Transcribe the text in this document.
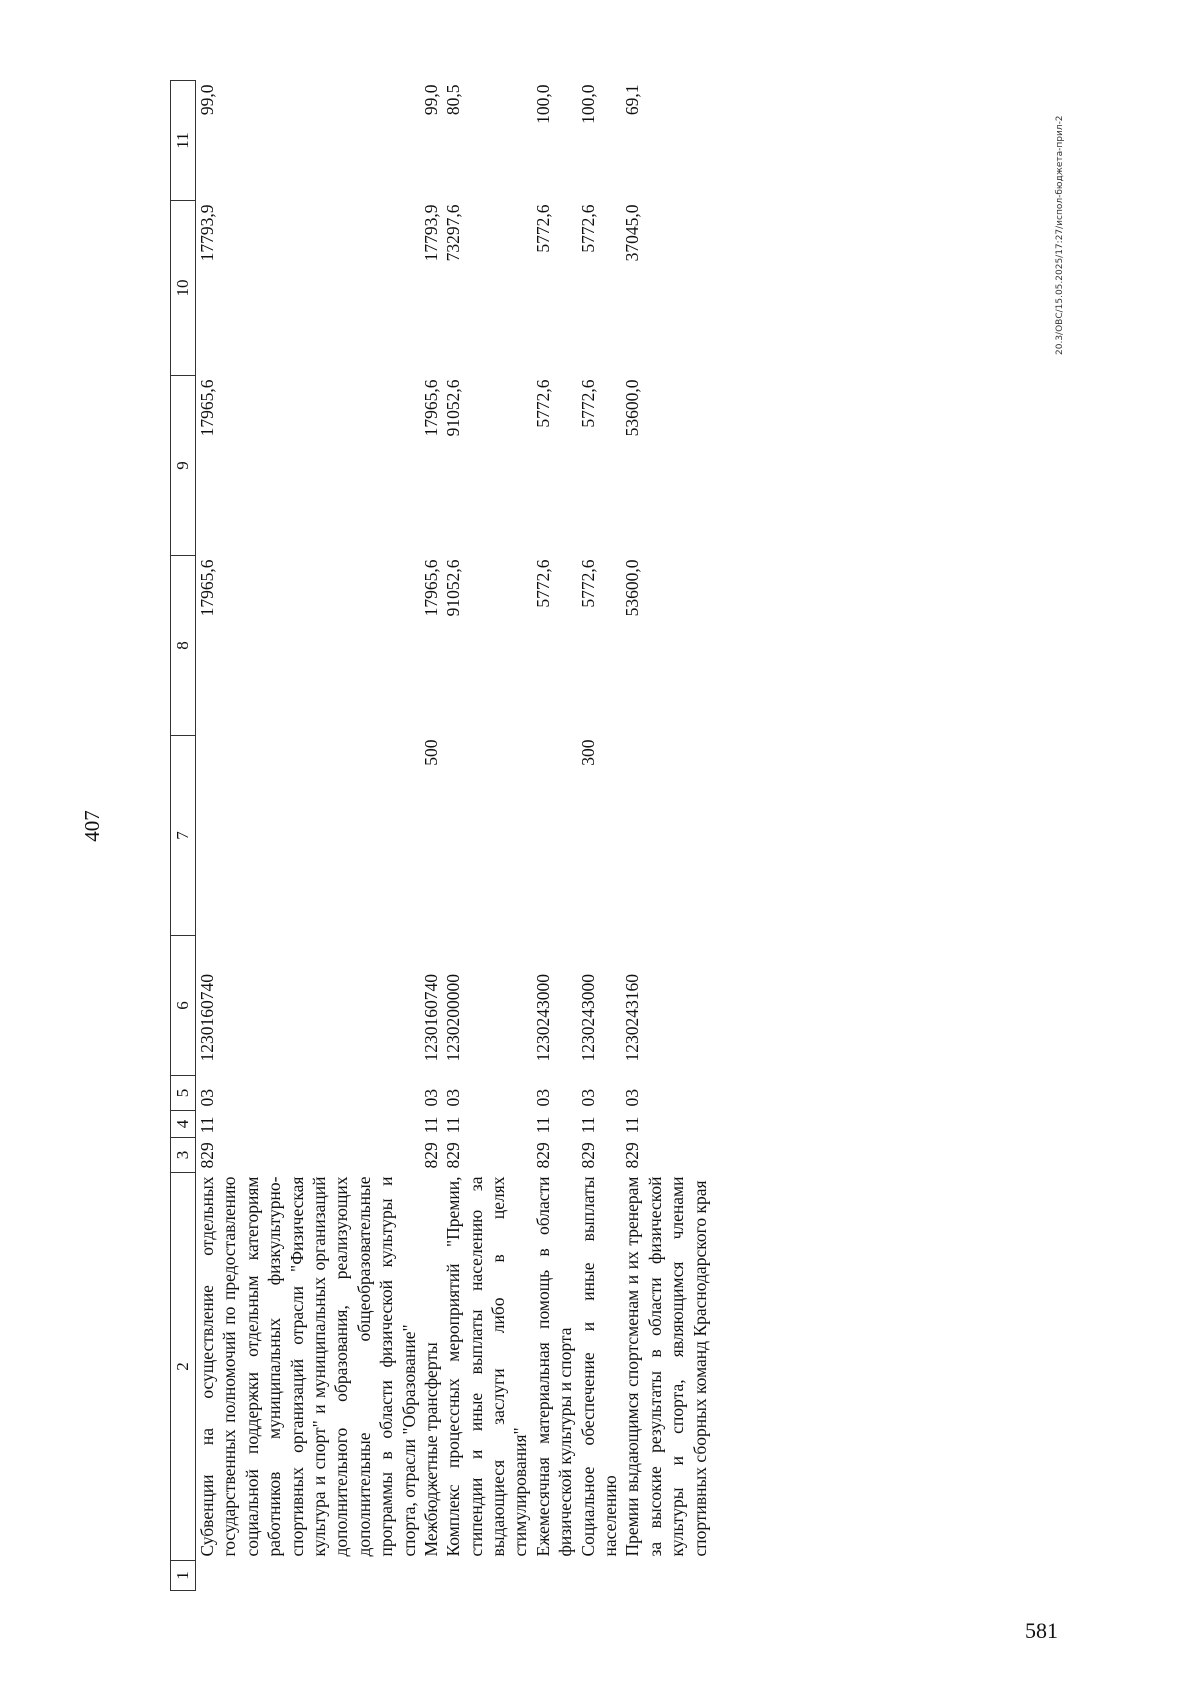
407
1	2	3	4	5	6	7	8	9	10	11
	Субвенции на осуществление отдельных государственных полномочий по предоставлению социальной поддержки отдельным категориям работников муниципальных физкультурно-спортивных организаций отрасли "Физическая культура и спорт" и муниципальных организаций дополнительного образования, реализующих дополнительные общеобразовательные программы в области физической культуры и спорта, отрасли "Образование"	829	11	03	1230160740		17965,6	17965,6	17793,9	99,0
	Межбюджетные трансферты	829	11	03	1230160740	500	17965,6	17965,6	17793,9	99,0
	Комплекс процессных мероприятий "Премии, стипендии и иные выплаты населению за выдающиеся заслуги либо в целях стимулирования"	829	11	03	1230200000		91052,6	91052,6	73297,6	80,5
	Ежемесячная материальная помощь в области физической культуры и спорта	829	11	03	1230243000		5772,6	5772,6	5772,6	100,0
	Социальное обеспечение и иные выплаты населению	829	11	03	1230243000	300	5772,6	5772,6	5772,6	100,0
	Премии выдающимся спортсменам и их тренерам за высокие результаты в области физической культуры и спорта, являющимся членами спортивных сборных команд Краснодарского края	829	11	03	1230243160		53600,0	53600,0	37045,0	69,1
20.3/ОВС/15.05.2025/17:27/испол-бюджета-прил-2
581
